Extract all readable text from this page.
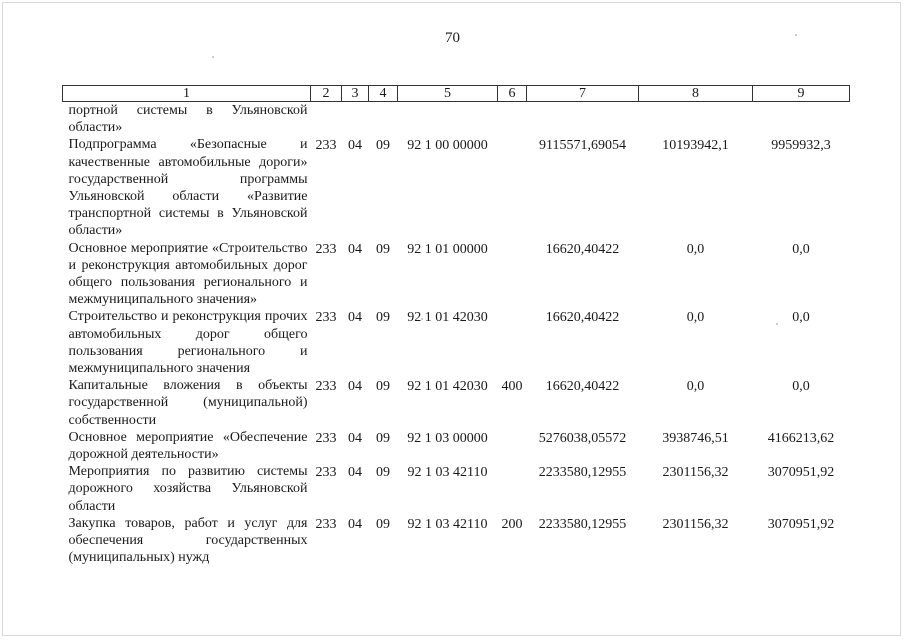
70
1	2	3	4	5	6	7	8	9
портной системы в Ульяновской области»								
Подпрограмма «Безопасные и качественные автомобильные дороги» государственной программы Ульяновской области «Развитие транспортной системы в Ульяновской области»	233	04	09	92 1 00 00000		9115571,69054	10193942,1	9959932,3
Основное мероприятие «Строительство и реконструкция автомобильных дорог общего пользования регионального и межмуниципального значения»	233	04	09	92 1 01 00000		16620,40422	0,0	0,0
Строительство и реконструкция прочих автомобильных дорог общего пользования регионального и межмуниципального значения	233	04	09	92 1 01 42030		16620,40422	0,0	0,0
Капитальные вложения в объекты государственной (муниципальной) собственности	233	04	09	92 1 01 42030	400	16620,40422	0,0	0,0
Основное мероприятие «Обеспечение дорожной деятельности»	233	04	09	92 1 03 00000		5276038,05572	3938746,51	4166213,62
Мероприятия по развитию системы дорожного хозяйства Ульяновской области	233	04	09	92 1 03 42110		2233580,12955	2301156,32	3070951,92
Закупка товаров, работ и услуг для обеспечения государственных (муниципальных) нужд	233	04	09	92 1 03 42110	200	2233580,12955	2301156,32	3070951,92
